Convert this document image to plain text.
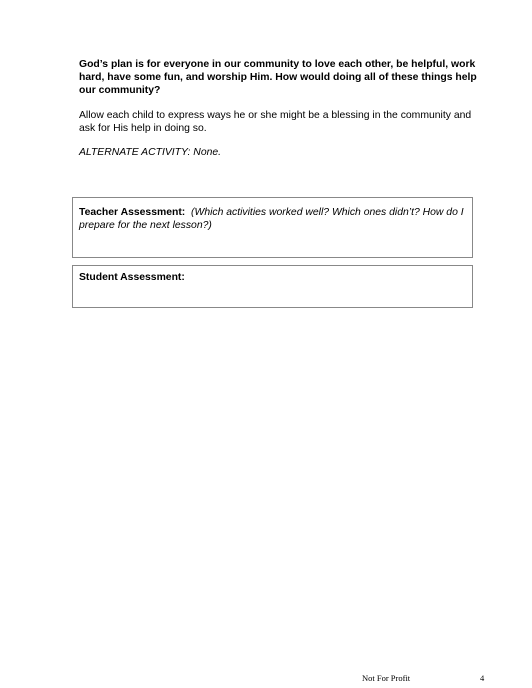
God’s plan is for everyone in our community to love each other, be helpful, work hard, have some fun, and worship Him. How would doing all of these things help our community?

Allow each child to express ways he or she might be a blessing in the community and ask for His help in doing so.

ALTERNATE ACTIVITY: None.

Teacher Assessment: (Which activities worked well? Which ones didn’t? How do I prepare for the next lesson?)
Student Assessment:
Not For Profit	4
